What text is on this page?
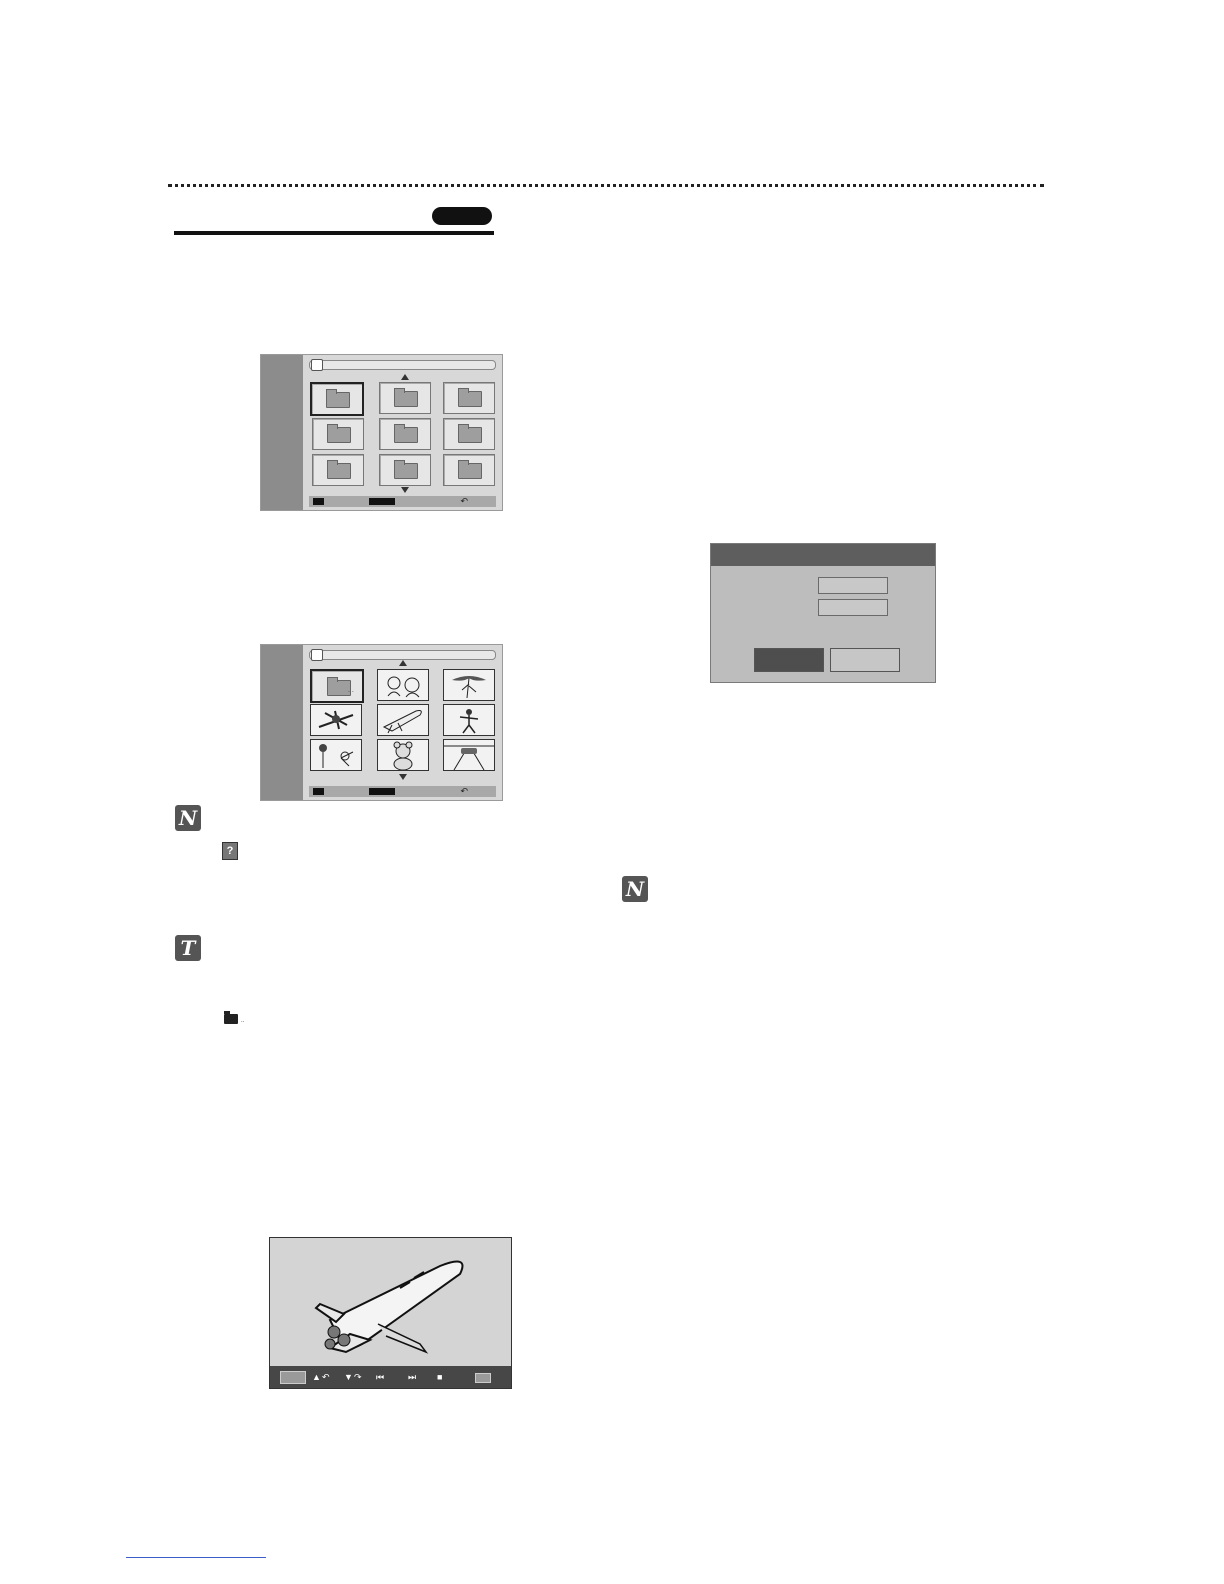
↶
. .
↶
N
?
T
..
N
▲ ↶ ▼ ↷ ⏮	⏭ ■
